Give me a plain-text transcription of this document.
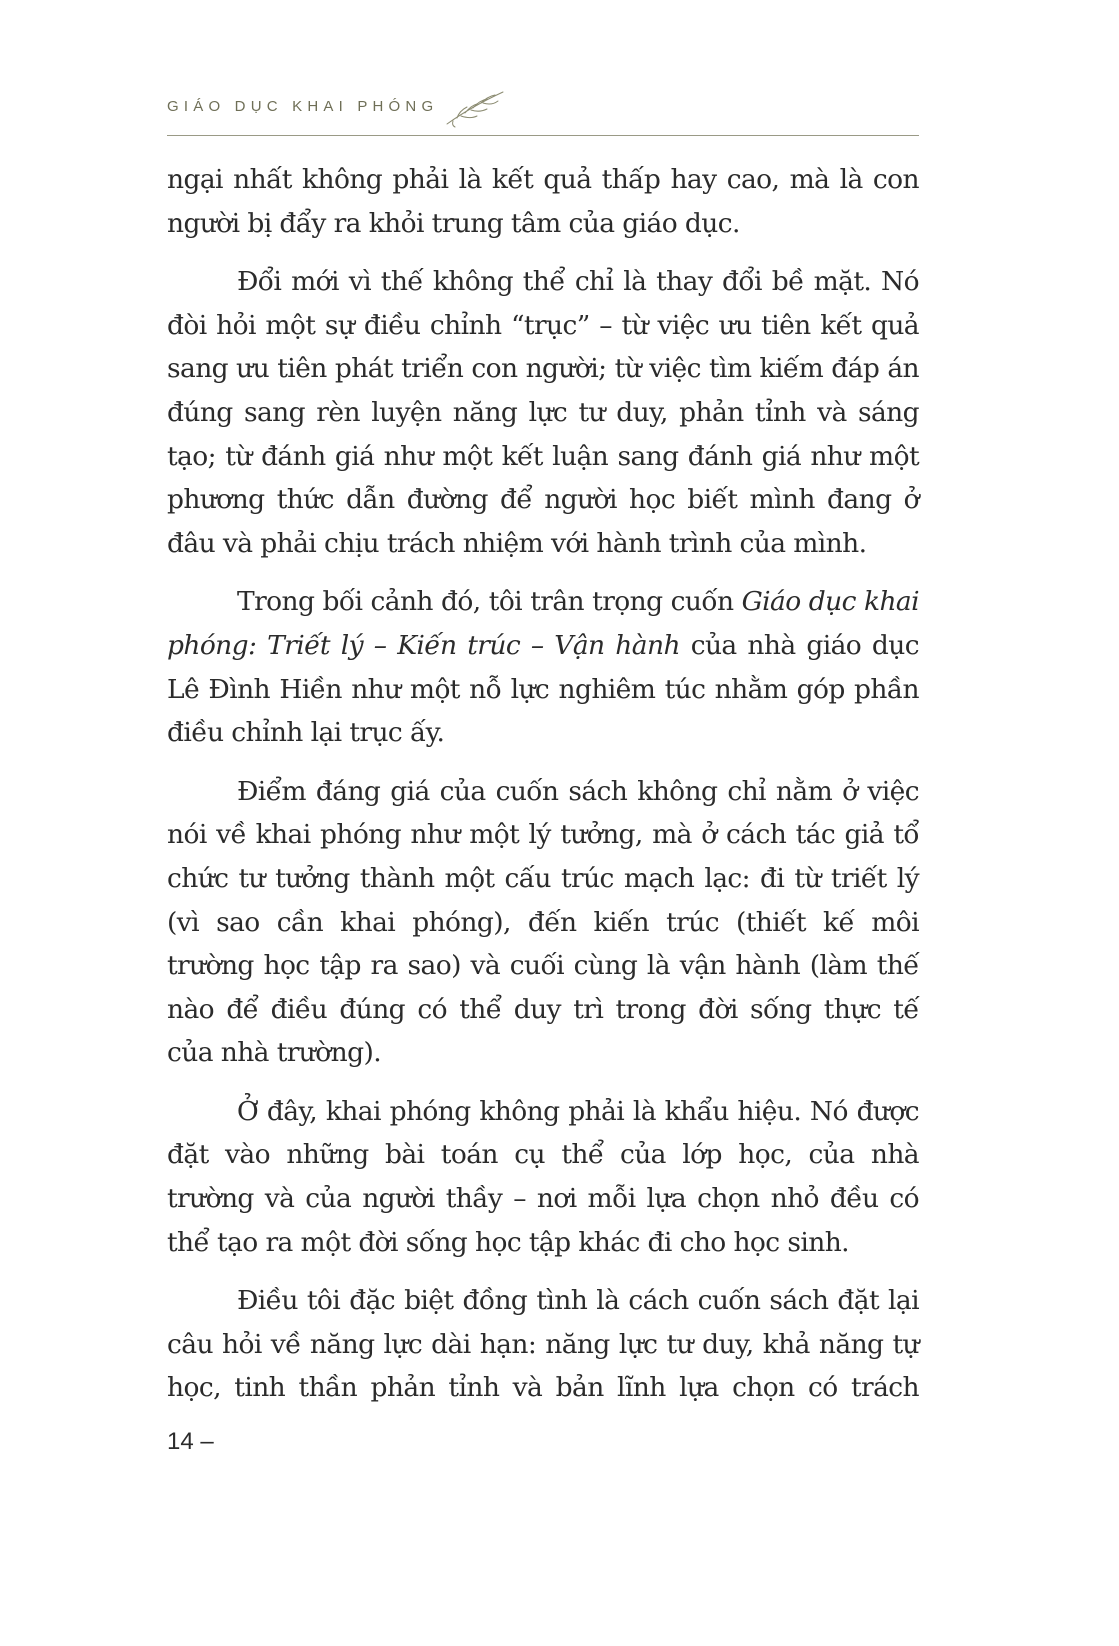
GIÁO DỤC KHAI PHÓNG

ngại nhất không phải là kết quả thấp hay cao, mà là con người bị đẩy ra khỏi trung tâm của giáo dục.

Đổi mới vì thế không thể chỉ là thay đổi bề mặt. Nó đòi hỏi một sự điều chỉnh “trục” – từ việc ưu tiên kết quả sang ưu tiên phát triển con người; từ việc tìm kiếm đáp án đúng sang rèn luyện năng lực tư duy, phản tỉnh và sáng tạo; từ đánh giá như một kết luận sang đánh giá như một phương thức dẫn đường để người học biết mình đang ở đâu và phải chịu trách nhiệm với hành trình của mình.

Trong bối cảnh đó, tôi trân trọng cuốn Giáo dục khai phóng: Triết lý – Kiến trúc – Vận hành của nhà giáo dục Lê Đình Hiền như một nỗ lực nghiêm túc nhằm góp phần điều chỉnh lại trục ấy.

Điểm đáng giá của cuốn sách không chỉ nằm ở việc nói về khai phóng như một lý tưởng, mà ở cách tác giả tổ chức tư tưởng thành một cấu trúc mạch lạc: đi từ triết lý (vì sao cần khai phóng), đến kiến trúc (thiết kế môi trường học tập ra sao) và cuối cùng là vận hành (làm thế nào để điều đúng có thể duy trì trong đời sống thực tế của nhà trường).

Ở đây, khai phóng không phải là khẩu hiệu. Nó được đặt vào những bài toán cụ thể của lớp học, của nhà trường và của người thầy – nơi mỗi lựa chọn nhỏ đều có thể tạo ra một đời sống học tập khác đi cho học sinh.

Điều tôi đặc biệt đồng tình là cách cuốn sách đặt lại câu hỏi về năng lực dài hạn: năng lực tư duy, khả năng tự học, tinh thần phản tỉnh và bản lĩnh lựa chọn có trách

14 –
